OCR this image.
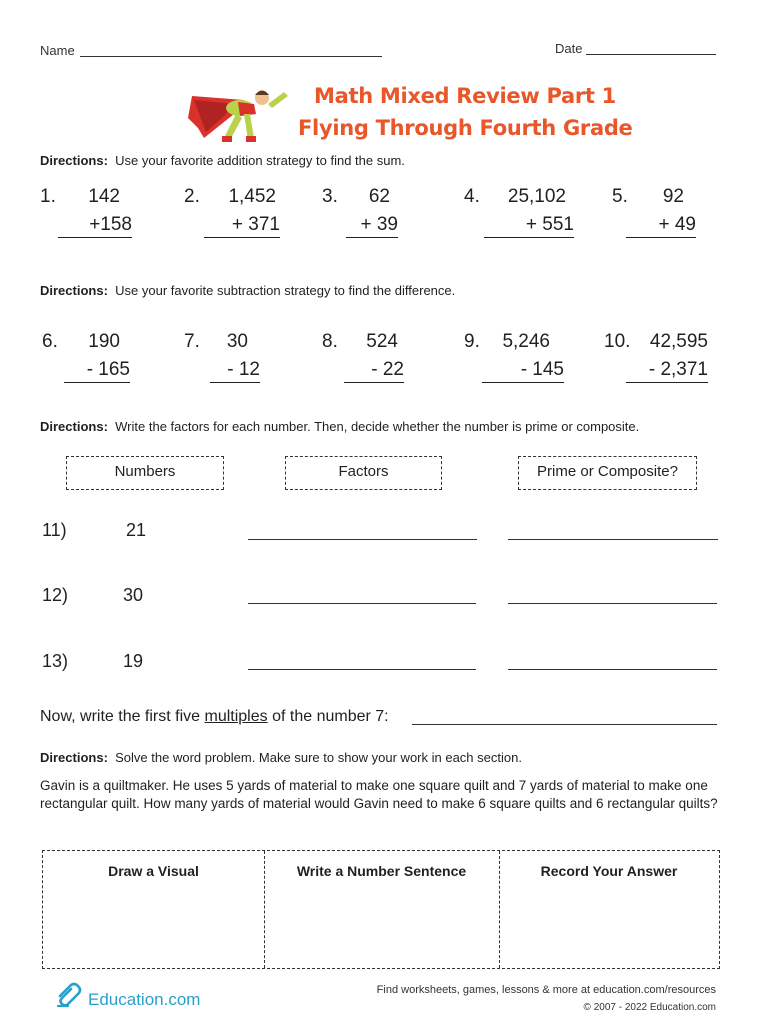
Name	Date
Math Mixed Review Part 1
Flying Through Fourth Grade
Directions: Use your favorite addition strategy to find the sum.
1. 142
+158
2. 1,452
+ 371
3. 62
+ 39
4. 25,102
+ 551
5. 92
+ 49
Directions: Use your favorite subtraction strategy to find the difference.
6. 190
- 165
7. 30
- 12
8. 524
- 22
9. 5,246
- 145
10. 42,595
- 2,371
Directions: Write the factors for each number. Then, decide whether the number is prime or composite.
Numbers	Factors	Prime or Composite?
11)	21
12)	30
13)	19
Now, write the first five multiples of the number 7:
Directions: Solve the word problem. Make sure to show your work in each section.
Gavin is a quiltmaker. He uses 5 yards of material to make one square quilt and 7 yards of material to make one rectangular quilt. How many yards of material would Gavin need to make 6 square quilts and 6 rectangular quilts?
Draw a Visual	Write a Number Sentence	Record Your Answer
Education.com	Find worksheets, games, lessons & more at education.com/resources
© 2007 - 2022 Education.com
